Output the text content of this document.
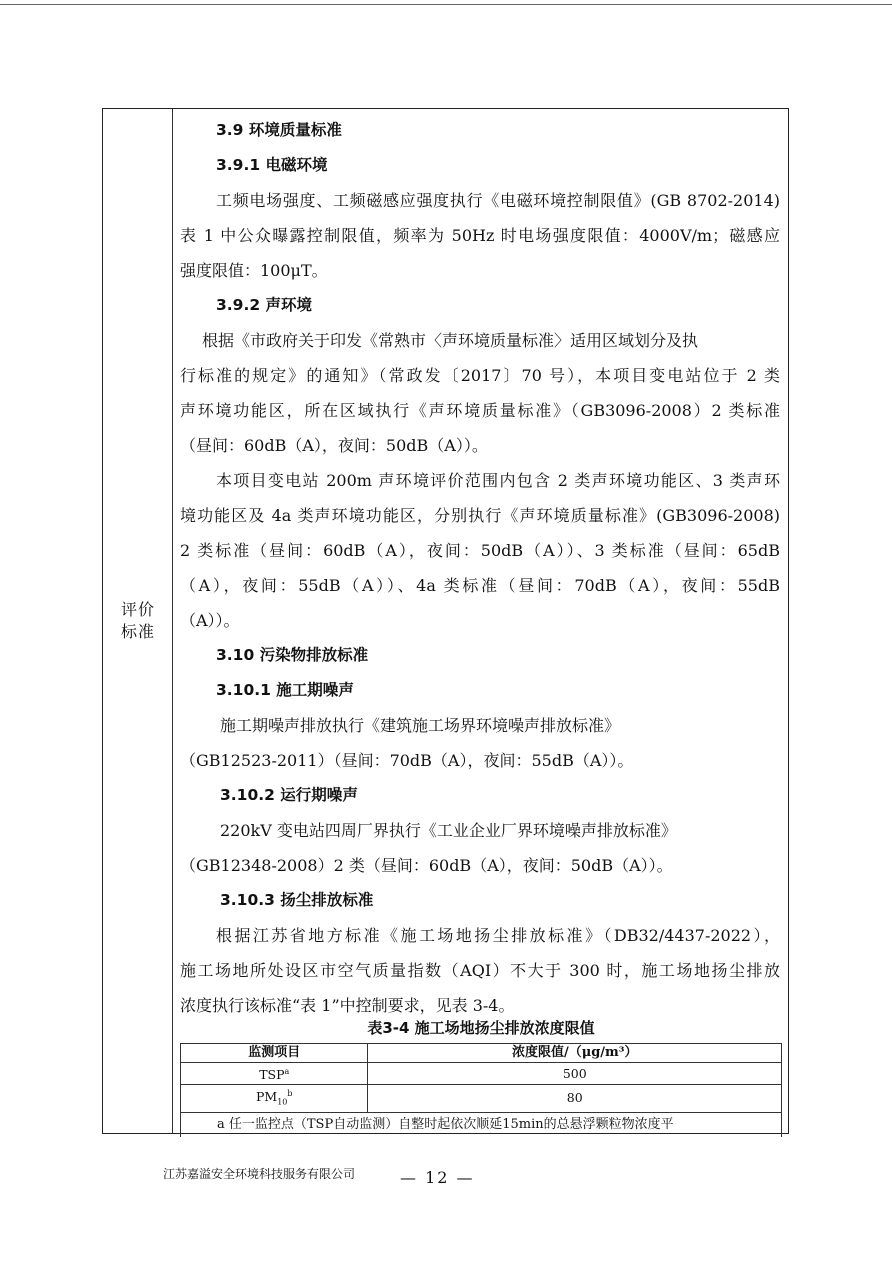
评价
标准
表3-4 施工场地扬尘排放浓度限值
监测项目	浓度限值/（μg/m³）
TSP$^a$	500
$PM_{10}^b$	80
a 任一监控点（TSP自动监测）自整时起依次顺延15min的总悬浮颗粒物浓度平	
3.9 环境质量标准
3.9.1 电磁环境
工频电场强度、工频磁感应强度执行《电磁环境控制限值》(GB 8702-2014)
表 1 中公众曝露控制限值，频率为 50Hz 时电场强度限值：4000V/m；磁感应
强度限值：100μT。
3.9.2 声环境
根据《市政府关于印发《常熟市〈声环境质量标准〉适用区域划分及执
行标准的规定》的通知》（常政发〔2017〕70 号），本项目变电站位于 2 类
声环境功能区，所在区域执行《声环境质量标准》（GB3096-2008）2 类标准
（昼间：60dB（A），夜间：50dB（A））。
本项目变电站 200m 声环境评价范围内包含 2 类声环境功能区、3 类声环
境功能区及 4a 类声环境功能区，分别执行《声环境质量标准》(GB3096-2008)
2 类标准（昼间：60dB（A），夜间：50dB（A））、3 类标准（昼间：65dB
（A），夜间：55dB（A））、4a 类标准（昼间：70dB（A），夜间：55dB
（A））。
3.10 污染物排放标准
3.10.1 施工期噪声
施工期噪声排放执行《建筑施工场界环境噪声排放标准》
（GB12523-2011）（昼间：70dB（A），夜间：55dB（A））。
3.10.2 运行期噪声
220kV 变电站四周厂界执行《工业企业厂界环境噪声排放标准》
（GB12348-2008）2 类（昼间：60dB（A），夜间：50dB（A））。
3.10.3 扬尘排放标准
根据江苏省地方标准《施工场地扬尘排放标准》（DB32/4437-2022），
施工场地所处设区市空气质量指数（AQI）不大于 300 时，施工场地扬尘排放
浓度执行该标准“表 1”中控制要求，见表 3-4。
江苏嘉溢安全环境科技服务有限公司	— 12 —
